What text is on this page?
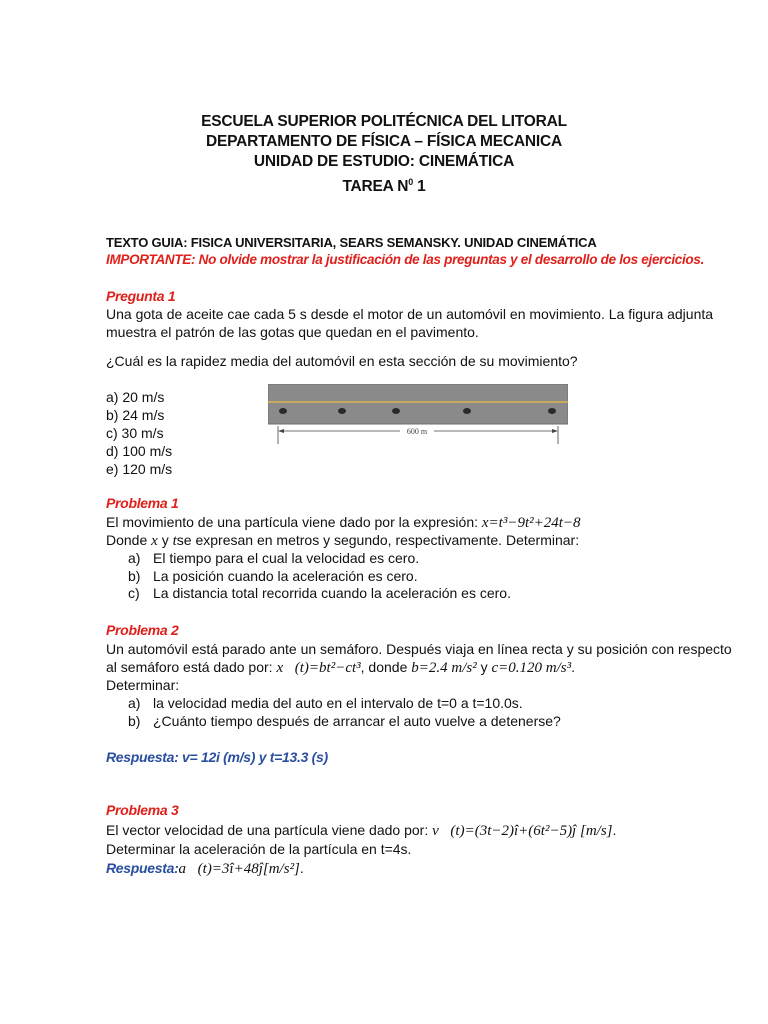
ESCUELA SUPERIOR POLITÉCNICA DEL LITORAL
DEPARTAMENTO DE FÍSICA – FÍSICA MECANICA
UNIDAD DE ESTUDIO: CINEMÁTICA
TAREA $N^0$ 1
TEXTO GUIA: FISICA UNIVERSITARIA, SEARS SEMANSKY. UNIDAD CINEMÁTICA
IMPORTANTE: No olvide mostrar la justificación de las preguntas y el desarrollo de los ejercicios.
Pregunta 1
Una gota de aceite cae cada 5 s desde el motor de un automóvil en movimiento. La figura adjunta
muestra el patrón de las gotas que quedan en el pavimento.
¿Cuál es la rapidez media del automóvil en esta sección de su movimiento?
a) 20 m/s
b) 24 m/s
c) 30 m/s
d) 100 m/s
e) 120 m/s
600 m
Problema 1
El movimiento de una partícula viene dado por la expresión: x=t³−9t²+24t−8
Donde x y tse expresan en metros y segundo, respectivamente. Determinar:
a) El tiempo para el cual la velocidad es cero.
b) La posición cuando la aceleración es cero.
c) La distancia total recorrida cuando la aceleración es cero.
Problema 2
Un automóvil está parado ante un semáforo. Después viaja en línea recta y su posición con respecto
al semáforo está dado por: x⃗(t)=bt²−ct³, donde b=2.4 m/s² y c=0.120 m/s³.
Determinar:
a) la velocidad media del auto en el intervalo de t=0 a t=10.0s.
b) ¿Cuánto tiempo después de arrancar el auto vuelve a detenerse?
Respuesta: v= 12i (m/s) y t=13.3 (s)
Problema 3
El vector velocidad de una partícula viene dado por: v⃗(t)=(3t−2)î+(6t²−5)ĵ [m/s].
Determinar la aceleración de la partícula en t=4s.
Respuesta:a⃗(t)=3î+48ĵ[m/s²].
